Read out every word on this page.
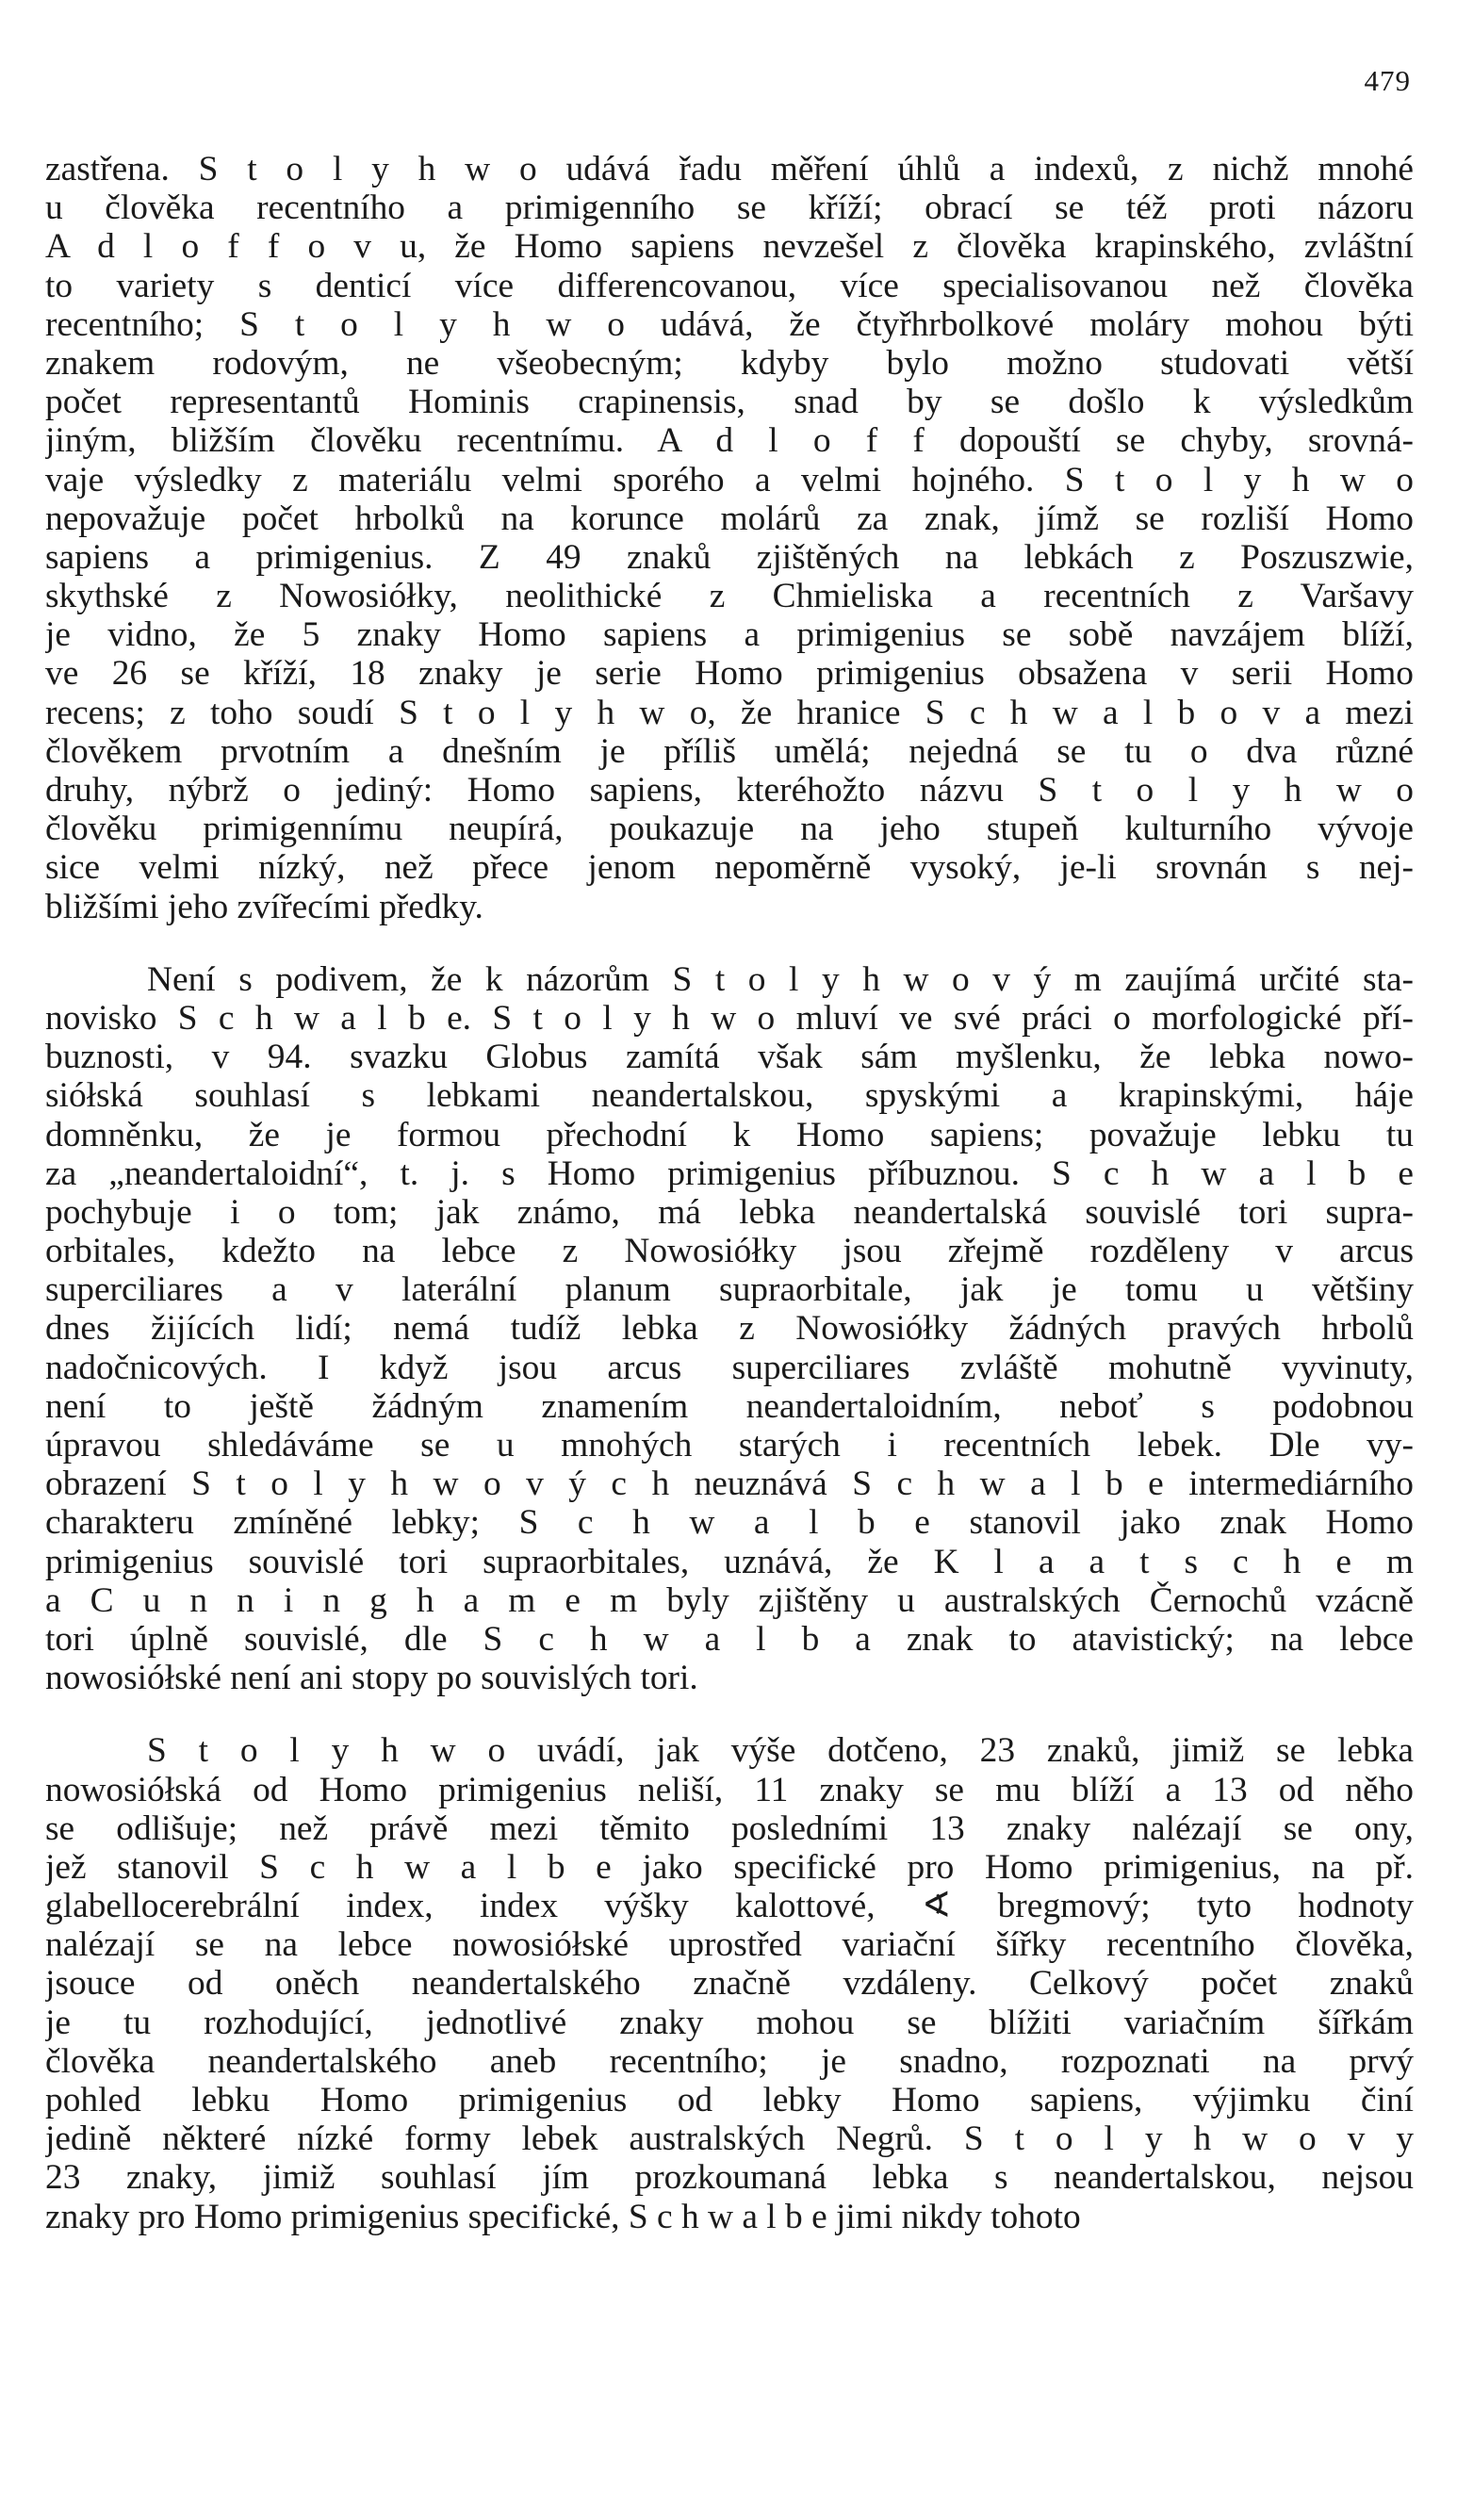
479
zastřena. S t o l y h w o udává řadu měření úhlů a indexů, z nichž mnohé
u člověka recentního a primigenního se kříží; obrací se též proti názoru
A d l o f f o v u, že Homo sapiens nevzešel z člověka krapinského, zvláštní
to variety s denticí více differencovanou, více specialisovanou než člověka
recentního; S t o l y h w o udává, že čtyřhrbolkové moláry mohou býti
znakem rodovým, ne všeobecným; kdyby bylo možno studovati větší
počet representantů Hominis crapinensis, snad by se došlo k výsledkům
jiným, bližším člověku recentnímu. A d l o f f dopouští se chyby, srovná-
vaje výsledky z materiálu velmi sporého a velmi hojného. S t o l y h w o
nepovažuje počet hrbolků na korunce molárů za znak, jímž se rozliší Homo
sapiens a primigenius. Z 49 znaků zjištěných na lebkách z Poszuszwie,
skythské z Nowosiółky, neolithické z Chmieliska a recentních z Varšavy
je vidno, že 5 znaky Homo sapiens a primigenius se sobě navzájem blíží,
ve 26 se kříží, 18 znaky je serie Homo primigenius obsažena v serii Homo
recens; z toho soudí S t o l y h w o, že hranice S c h w a l b o v a mezi
člověkem prvotním a dnešním je příliš umělá; nejedná se tu o dva různé
druhy, nýbrž o jediný: Homo sapiens, kteréhožto názvu S t o l y h w o
člověku primigennímu neupírá, poukazuje na jeho stupeň kulturního vývoje
sice velmi nízký, než přece jenom nepoměrně vysoký, je-li srovnán s nej-
bližšími jeho zvířecími předky.
Není s podivem, že k názorům S t o l y h w o v ý m zaujímá určité sta-
novisko S c h w a l b e. S t o l y h w o mluví ve své práci o morfologické pří-
buznosti, v 94. svazku Globus zamítá však sám myšlenku, že lebka nowo-
siółská souhlasí s lebkami neandertalskou, spyskými a krapinskými, háje
domněnku, že je formou přechodní k Homo sapiens; považuje lebku tu
za „neandertaloidní“, t. j. s Homo primigenius příbuznou. S c h w a l b e
pochybuje i o tom; jak známo, má lebka neandertalská souvislé tori supra-
orbitales, kdežto na lebce z Nowosiółky jsou zřejmě rozděleny v arcus
superciliares a v laterální planum supraorbitale, jak je tomu u většiny
dnes žijících lidí; nemá tudíž lebka z Nowosiółky žádných pravých hrbolů
nadočnicových. I když jsou arcus superciliares zvláště mohutně vyvinuty,
není to ještě žádným znamením neandertaloidním, neboť s podobnou
úpravou shledáváme se u mnohých starých i recentních lebek. Dle vy-
obrazení S t o l y h w o v ý c h neuznává S c h w a l b e intermediárního
charakteru zmíněné lebky; S c h w a l b e stanovil jako znak Homo
primigenius souvislé tori supraorbitales, uznává, že K l a a t s c h e m
a C u n n i n g h a m e m byly zjištěny u australských Černochů vzácně
tori úplně souvislé, dle S c h w a l b a znak to atavistický; na lebce
nowosiółské není ani stopy po souvislých tori.
S t o l y h w o uvádí, jak výše dotčeno, 23 znaků, jimiž se lebka
nowosiółská od Homo primigenius neliší, 11 znaky se mu blíží a 13 od něho
se odlišuje; než právě mezi těmito posledními 13 znaky nalézají se ony,
jež stanovil S c h w a l b e jako specifické pro Homo primigenius, na př.
glabellocerebrální index, index výšky kalottové, ∢ bregmový; tyto hodnoty
nalézají se na lebce nowosiółské uprostřed variační šířky recentního člověka,
jsouce od oněch neandertalského značně vzdáleny. Celkový počet znaků
je tu rozhodující, jednotlivé znaky mohou se blížiti variačním šířkám
člověka neandertalského aneb recentního; je snadno, rozpoznati na prvý
pohled lebku Homo primigenius od lebky Homo sapiens, výjimku činí
jedině některé nízké formy lebek australských Negrů. S t o l y h w o v y
23 znaky, jimiž souhlasí jím prozkoumaná lebka s neandertalskou, nejsou
znaky pro Homo primigenius specifické, S c h w a l b e jimi nikdy tohoto
